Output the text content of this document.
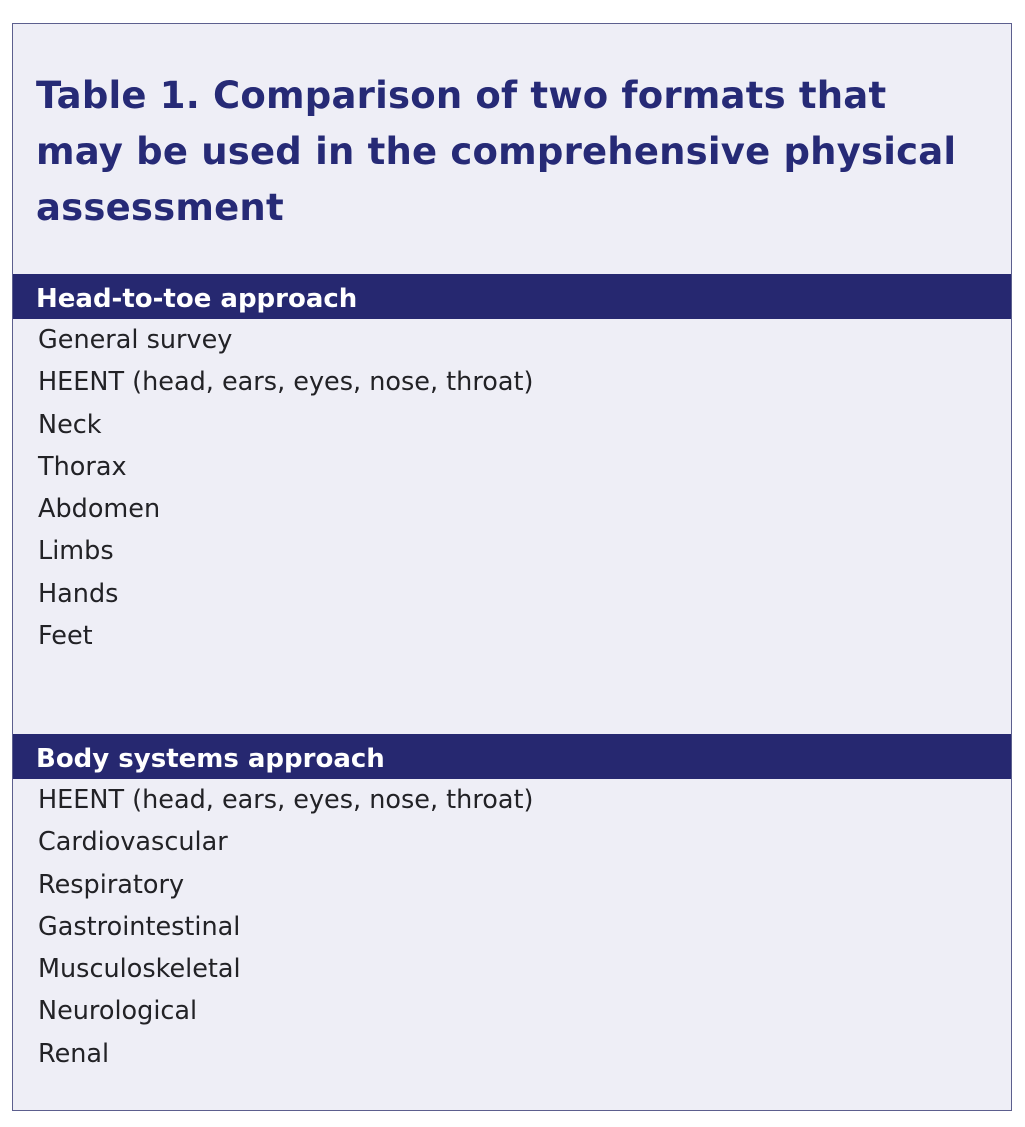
Table 1. Comparison of two formats that may be used in the comprehensive physical assessment
Head-to-toe approach
General survey
HEENT (head, ears, eyes, nose, throat)
Neck
Thorax
Abdomen
Limbs
Hands
Feet
Body systems approach
HEENT (head, ears, eyes, nose, throat)
Cardiovascular
Respiratory
Gastrointestinal
Musculoskeletal
Neurological
Renal
